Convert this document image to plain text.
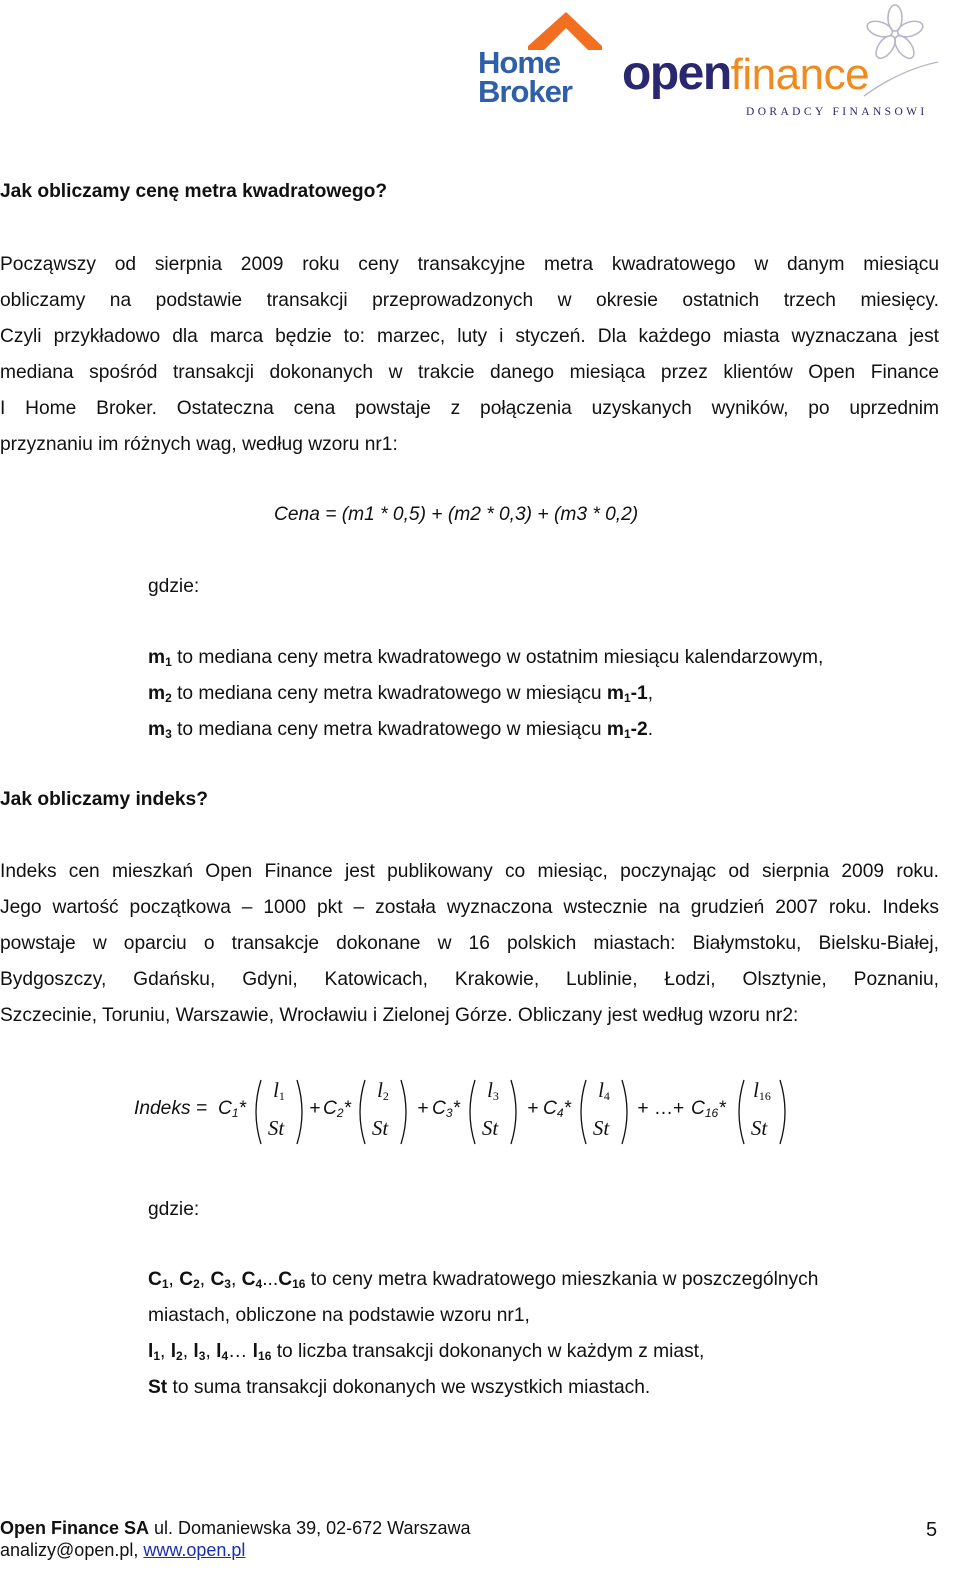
Home
Broker openfinance
DORADCY FINANSOWI
Jak obliczamy cenę metra kwadratowego?
Począwszy od sierpnia 2009 roku ceny transakcyjne metra kwadratowego w danym miesiącu
obliczamy na podstawie transakcji przeprowadzonych w okresie ostatnich trzech miesięcy.
Czyli przykładowo dla marca będzie to: marzec, luty i styczeń. Dla każdego miasta wyznaczana jest
mediana spośród transakcji dokonanych w trakcie danego miesiąca przez klientów Open Finance
I Home Broker. Ostateczna cena powstaje z połączenia uzyskanych wyników, po uprzednim
przyznaniu im różnych wag, według wzoru nr1:
Cena = (m1 * 0,5) + (m2 * 0,3) + (m3 * 0,2)
gdzie:
$m_1$ to mediana ceny metra kwadratowego w ostatnim miesiącu kalendarzowym,
$m_2$ to mediana ceny metra kwadratowego w miesiącu $m_1-1$,
$m_3$ to mediana ceny metra kwadratowego w miesiącu $m_1-2$.
Jak obliczamy indeks?
Indeks cen mieszkań Open Finance jest publikowany co miesiąc, poczynając od sierpnia 2009 roku.
Jego wartość początkowa – 1000 pkt – została wyznaczona wstecznie na grudzień 2007 roku. Indeks
powstaje w oparciu o transakcje dokonane w 16 polskich miastach: Białymstoku, Bielsku-Białej,
Bydgoszczy, Gdańsku, Gdyni, Katowicach, Krakowie, Lublinie, Łodzi, Olsztynie, Poznaniu,
Szczecinie, Toruniu, Warszawie, Wrocławiu i Zielonej Górze. Obliczany jest według wzoru nr2:
Indeks = $C_1*$
$l_1$
St
+
$C_2*$
$l_2$
St
+
$C_3*$
$l_3$
St
+ $C_4*$
$l_4$
St
+ …+ $C_{16}*$
$l_{16}$
St
gdzie:
$C_1$, $C_2$, $C_3$, $C_4...C_{16}$ to ceny metra kwadratowego mieszkania w poszczególnych
miastach, obliczone na podstawie wzoru nr1,
$l_1$, $l_2$, $l_3$, $l_4\dots$ $l_{16}$ to liczba transakcji dokonanych w każdym z miast,
St to suma transakcji dokonanych we wszystkich miastach.
Open Finance SA ul. Domaniewska 39, 02-672 Warszawa
analizy@open.pl, www.open.pl
5
